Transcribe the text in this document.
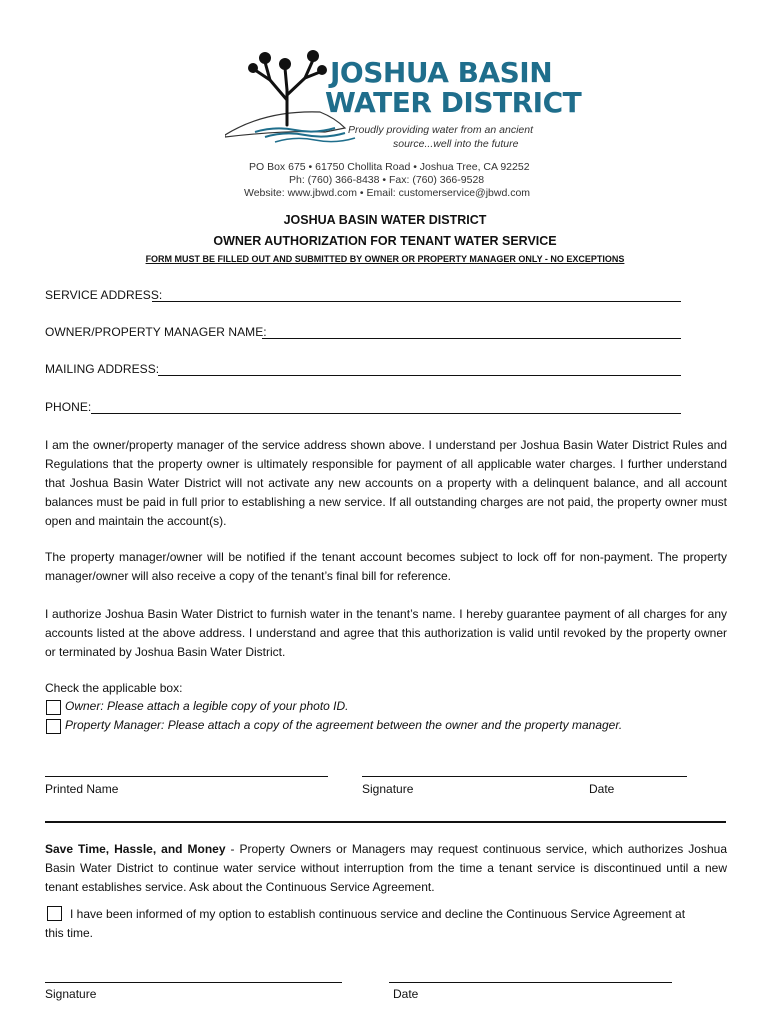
JOSHUA BASIN
WATER DISTRICT
Proudly providing water from an ancient
source...well into the future
PO Box 675 • 61750 Chollita Road • Joshua Tree, CA 92252
Ph: (760) 366-8438 • Fax: (760) 366-9528
Website: www.jbwd.com • Email: customerservice@jbwd.com
JOSHUA BASIN WATER DISTRICT
OWNER AUTHORIZATION FOR TENANT WATER SERVICE
FORM MUST BE FILLED OUT AND SUBMITTED BY OWNER OR PROPERTY MANAGER ONLY - NO EXCEPTIONS
SERVICE ADDRESS:
OWNER/PROPERTY MANAGER NAME:
MAILING ADDRESS:
PHONE:
I am the owner/property manager of the service address shown above. I understand per Joshua Basin Water District Rules and Regulations that the property owner is ultimately responsible for payment of all applicable water charges. I further understand that Joshua Basin Water District will not activate any new accounts on a property with a delinquent balance, and all account balances must be paid in full prior to establishing a new service. If all outstanding charges are not paid, the property owner must open and maintain the account(s).
The property manager/owner will be notified if the tenant account becomes subject to lock off for non-payment. The property manager/owner will also receive a copy of the tenant’s final bill for reference.
I authorize Joshua Basin Water District to furnish water in the tenant’s name. I hereby guarantee payment of all charges for any accounts listed at the above address. I understand and agree that this authorization is valid until revoked by the property owner or terminated by Joshua Basin Water District.
Check the applicable box:
Owner: Please attach a legible copy of your photo ID.
Property Manager: Please attach a copy of the agreement between the owner and the property manager.
Printed Name	Signature	Date
Save Time, Hassle, and Money - Property Owners or Managers may request continuous service, which authorizes Joshua Basin Water District to continue water service without interruption from the time a tenant service is discontinued until a new tenant establishes service. Ask about the Continuous Service Agreement.
I have been informed of my option to establish continuous service and decline the Continuous Service Agreement at
this time.
Signature	Date
